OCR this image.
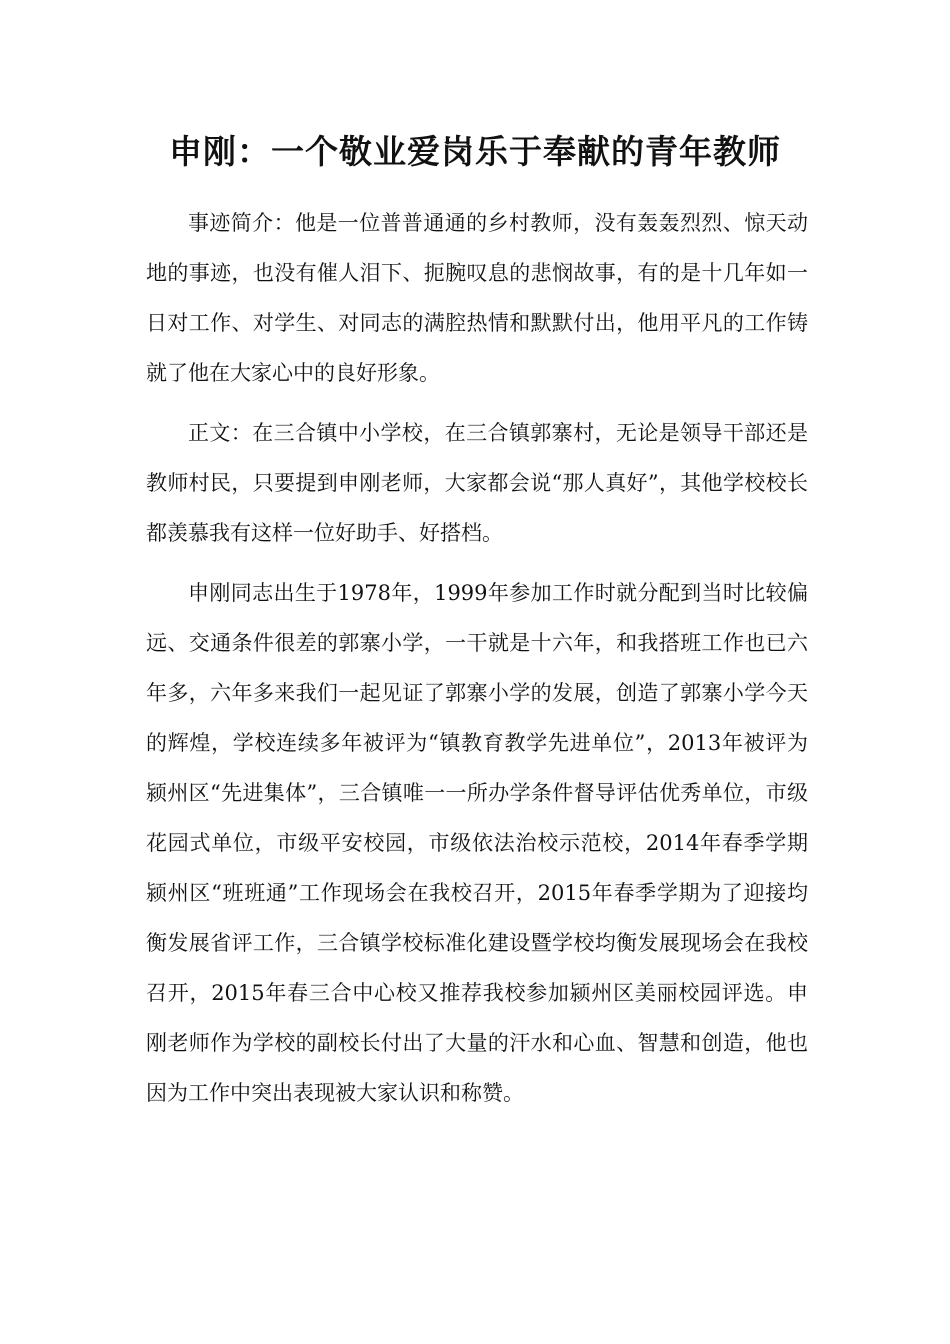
申刚：一个敬业爱岗乐于奉献的青年教师

事迹简介：他是一位普普通通的乡村教师，没有轰轰烈烈、惊天动地的事迹，也没有催人泪下、扼腕叹息的悲悯故事，有的是十几年如一日对工作、对学生、对同志的满腔热情和默默付出，他用平凡的工作铸就了他在大家心中的良好形象。

正文：在三合镇中小学校，在三合镇郭寨村，无论是领导干部还是教师村民，只要提到申刚老师，大家都会说“那人真好”，其他学校校长都羡慕我有这样一位好助手、好搭档。

申刚同志出生于1978年，1999年参加工作时就分配到当时比较偏远、交通条件很差的郭寨小学，一干就是十六年，和我搭班工作也已六年多，六年多来我们一起见证了郭寨小学的发展，创造了郭寨小学今天的辉煌，学校连续多年被评为“镇教育教学先进单位”，2013年被评为颍州区“先进集体”，三合镇唯一一所办学条件督导评估优秀单位，市级花园式单位，市级平安校园，市级依法治校示范校，2014年春季学期颍州区“班班通”工作现场会在我校召开，2015年春季学期为了迎接均衡发展省评工作，三合镇学校标准化建设暨学校均衡发展现场会在我校召开，2015年春三合中心校又推荐我校参加颍州区美丽校园评选。申刚老师作为学校的副校长付出了大量的汗水和心血、智慧和创造，他也因为工作中突出表现被大家认识和称赞。
